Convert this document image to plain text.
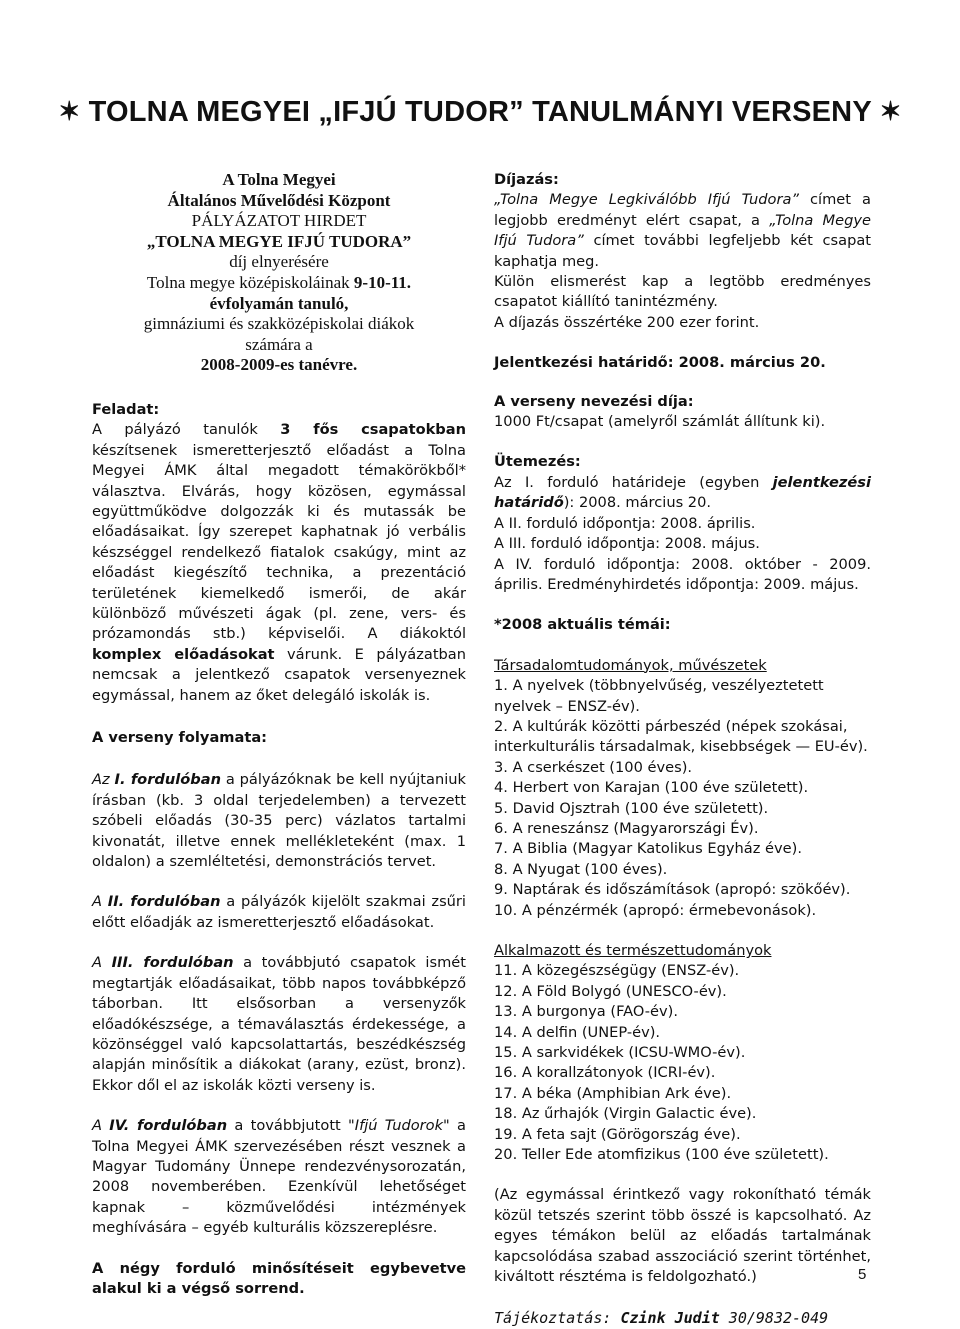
✶ TOLNA MEGYEI „IFJÚ TUDOR” TANULMÁNYI VERSENY ✶

A Tolna Megyei

Általános Művelődési Központ

PÁLYÁZATOT HIRDET

„TOLNA MEGYE IFJÚ TUDORA”

díj elnyerésére

Tolna megye középiskoláinak 9-10-11.

évfolyamán tanuló,

gimnáziumi és szakközépiskolai diákok

számára a

2008-2009-es tanévre.

Feladat:

A pályázó tanulók 3 fős csapatokban készítsenek ismeretterjesztő előadást a Tolna Megyei ÁMK által megadott témakörökből* választva. Elvárás, hogy közösen, egymással együttműködve dolgozzák ki és mutassák be előadásaikat. Így szerepet kaphatnak jó verbális készséggel rendelkező fiatalok csakúgy, mint az előadást kiegészítő technika, a prezentáció területének kiemelkedő ismerői, de akár különböző művészeti ágak (pl. zene, vers- és prózamondás stb.) képviselői. A diákoktól komplex előadásokat várunk. E pályázatban nemcsak a jelentkező csapatok versenyeznek egymással, hanem az őket delegáló iskolák is.

A verseny folyamata:

Az I. fordulóban a pályázóknak be kell nyújtaniuk írásban (kb. 3 oldal terjedelemben) a tervezett szóbeli előadás (30-35 perc) vázlatos tartalmi kivonatát, illetve ennek mellékleteként (max. 1 oldalon) a szemléltetési, demonstrációs tervet.

A II. fordulóban a pályázók kijelölt szakmai zsűri előtt előadják az ismeretterjesztő előadásokat.

A III. fordulóban a továbbjutó csapatok ismét megtartják előadásaikat, több napos továbbképző táborban. Itt elsősorban a versenyzők előadókészsége, a témaválasztás érdekessége, a közönséggel való kapcsolattartás, beszédkészség alapján minősítik a diákokat (arany, ezüst, bronz). Ekkor dől el az iskolák közti verseny is.

A IV. fordulóban a továbbjutott "Ifjú Tudorok" a Tolna Megyei ÁMK szervezésében részt vesznek a Magyar Tudomány Ünnepe rendezvénysorozatán, 2008 novemberében. Ezenkívül lehetőséget kapnak – közművelődési intézmények meghívására – egyéb kulturális közszereplésre.

A négy forduló minősítéseit egybevetve alakul ki a végső sorrend.

Díjazás:

„Tolna Megye Legkiválóbb Ifjú Tudora” címet a legjobb eredményt elért csapat, a „Tolna Megye Ifjú Tudora” címet további legfeljebb két csapat kaphatja meg.

Külön elismerést kap a legtöbb eredményes csapatot kiállító tanintézmény.

A díjazás összértéke 200 ezer forint.

Jelentkezési határidő: 2008. március 20.

A verseny nevezési díja:

1000 Ft/csapat (amelyről számlát állítunk ki).

Ütemezés:

Az I. forduló határideje (egyben jelentkezési határidő): 2008. március 20.

A II. forduló időpontja: 2008. április.

A III. forduló időpontja: 2008. május.

A IV. forduló időpontja: 2008. október - 2009. április. Eredményhirdetés időpontja: 2009. május.

*2008 aktuális témái:

Társadalomtudományok, művészetek

1. A nyelvek (többnyelvűség, veszélyeztetett nyelvek – ENSZ-év).

2. A kultúrák közötti párbeszéd (népek szokásai, interkulturális társadalmak, kisebbségek — EU-év).

3. A cserkészet (100 éves).

4. Herbert von Karajan (100 éve született).

5. David Ojsztrah (100 éve született).

6. A reneszánsz (Magyarországi Év).

7. A Biblia (Magyar Katolikus Egyház éve).

8. A Nyugat (100 éves).

9. Naptárak és időszámítások (apropó: szökőév).

10. A pénzérmék (apropó: érmebevonások).

Alkalmazott és természettudományok

11. A közegészségügy (ENSZ-év).

12. A Föld Bolygó (UNESCO-év).

13. A burgonya (FAO-év).

14. A delfin (UNEP-év).

15. A sarkvidékek (ICSU-WMO-év).

16. A korallzátonyok (ICRI-év).

17. A béka (Amphibian Ark éve).

18. Az űrhajók (Virgin Galactic éve).

19. A feta sajt (Görögország éve).

20. Teller Ede atomfizikus (100 éve született).

(Az egymással érintkező vagy rokonítható témák közül tetszés szerint több összé is kapcsolható. Az egyes témákon belül az előadás tartalmának kapcsolódása szabad asszociáció szerint történhet, kiváltott résztéma is feldolgozható.)

Tájékoztatás: Czink Judit 30/9832-049

5
